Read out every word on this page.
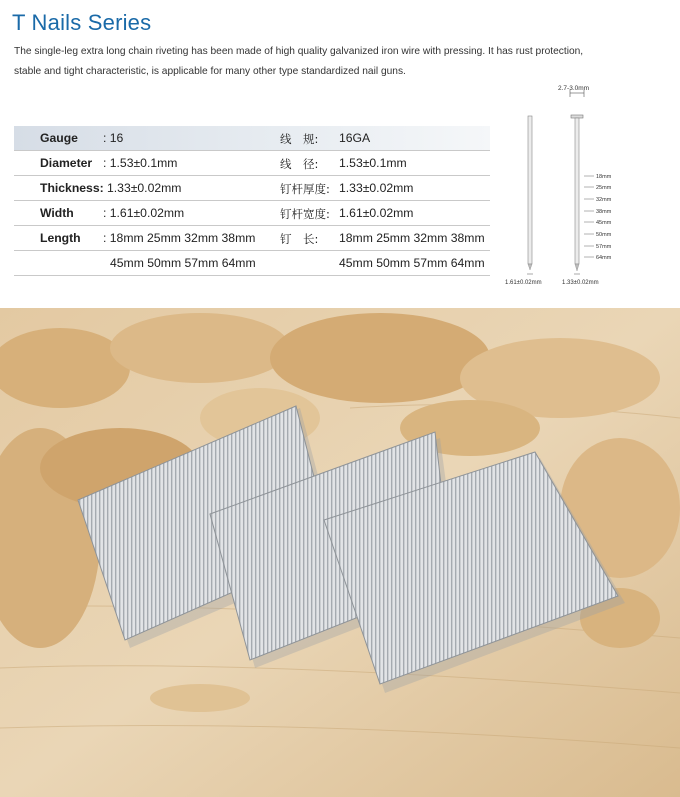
T Nails Series
The single-leg extra long chain riveting has been made of high quality galvanized iron wire with pressing. It has rust protection,
stable and tight characteristic, is applicable for many other type standardized nail guns.
Gauge : 16	线　规: 16GA
Diameter : 1.53±0.1mm	线　径: 1.53±0.1mm
Thickness: 1.33±0.02mm	钉杆厚度: 1.33±0.02mm
Width : 1.61±0.02mm	钉杆宽度: 1.61±0.02mm
Length : 18mm 25mm 32mm 38mm 钉　长: 18mm 25mm 32mm 38mm
45mm 50mm 57mm 64mm	45mm 50mm 57mm 64mm
2.7-3.0mm
18mm
25mm
32mm
38mm
45mm
50mm
57mm
64mm
1.61±0.02mm	1.33±0.02mm
